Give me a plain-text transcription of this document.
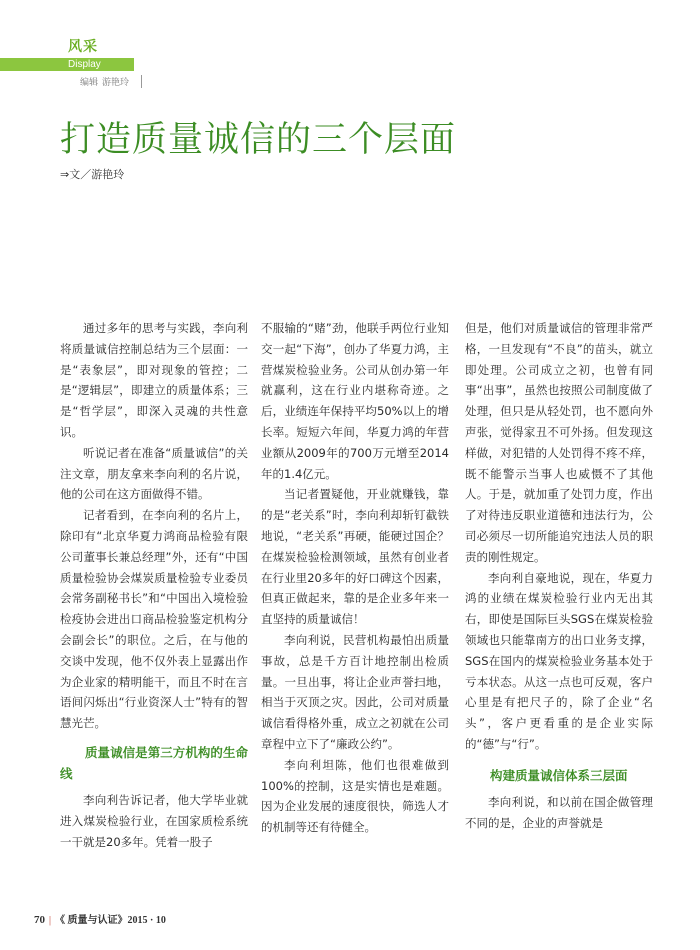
风采
Display
编辑 游艳玲
打造质量诚信的三个层面
⇒文／游艳玲

通过多年的思考与实践，李向利将质量诚信控制总结为三个层面：一是“表象层”，即对现象的管控；二是“逻辑层”，即建立的质量体系；三是“哲学层”，即深入灵魂的共性意识。

听说记者在准备“质量诚信”的关注文章，朋友拿来李向利的名片说，他的公司在这方面做得不错。

记者看到，在李向利的名片上，除印有“北京华夏力鸿商品检验有限公司董事长兼总经理”外，还有“中国质量检验协会煤炭质量检验专业委员会常务副秘书长”和“中国出入境检验检疫协会进出口商品检验鉴定机构分会副会长”的职位。之后，在与他的交谈中发现，他不仅外表上显露出作为企业家的精明能干，而且不时在言语间闪烁出“行业资深人士”特有的智慧光芒。

质量诚信是第三方机构的生命线

李向利告诉记者，他大学毕业就进入煤炭检验行业，在国家质检系统一干就是20多年。凭着一股子

不服输的“赌”劲，他联手两位行业知交一起“下海”，创办了华夏力鸿，主营煤炭检验业务。公司从创办第一年就赢利，这在行业内堪称奇迹。之后，业绩连年保持平均50%以上的增长率。短短六年间，华夏力鸿的年营业额从2009年的700万元增至2014年的1.4亿元。

当记者置疑他，开业就赚钱，靠的是“老关系”时，李向利却斩钉截铁地说，“老关系”再硬，能硬过国企？在煤炭检验检测领域，虽然有创业者在行业里20多年的好口碑这个因素，但真正做起来，靠的是企业多年来一直坚持的质量诚信！

李向利说，民营机构最怕出质量事故，总是千方百计地控制出检质量。一旦出事，将让企业声誉扫地，相当于灭顶之灾。因此，公司对质量诚信看得格外重，成立之初就在公司章程中立下了“廉政公约”。

李向利坦陈，他们也很难做到100%的控制，这是实情也是难题。因为企业发展的速度很快，筛选人才的机制等还有待健全。

但是，他们对质量诚信的管理非常严格，一旦发现有“不良”的苗头，就立即处理。公司成立之初，也曾有同事“出事”，虽然也按照公司制度做了处理，但只是从轻处罚，也不愿向外声张，觉得家丑不可外扬。但发现这样做，对犯错的人处罚得不疼不痒，既不能警示当事人也威慑不了其他人。于是，就加重了处罚力度，作出了对待违反职业道德和违法行为，公司必须尽一切所能追究违法人员的职责的刚性规定。

李向利自豪地说，现在，华夏力鸿的业绩在煤炭检验行业内无出其右，即使是国际巨头SGS在煤炭检验领域也只能靠南方的出口业务支撑，SGS在国内的煤炭检验业务基本处于亏本状态。从这一点也可反观，客户心里是有把尺子的，除了企业“名头”，客户更看重的是企业实际的“德”与“行”。

构建质量诚信体系三层面

李向利说，和以前在国企做管理不同的是，企业的声誉就是

70 | 《 质量与认证》2015 · 10
